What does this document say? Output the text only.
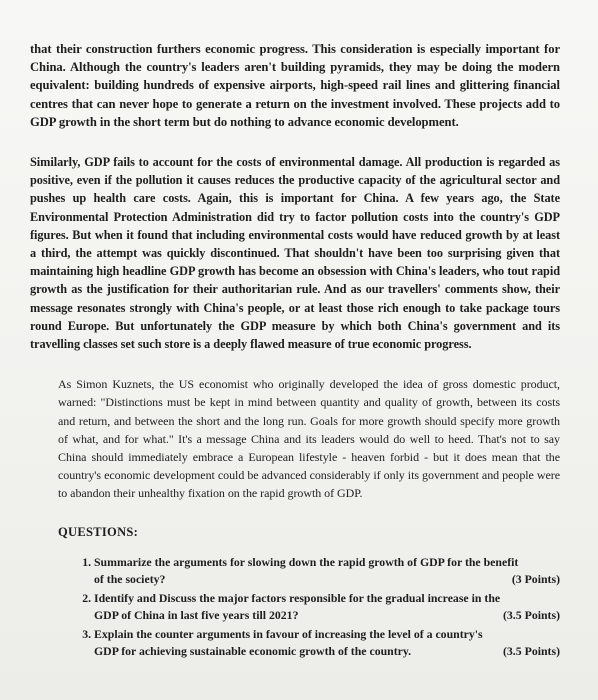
that their construction furthers economic progress. This consideration is especially important for China. Although the country's leaders aren't building pyramids, they may be doing the modern equivalent: building hundreds of expensive airports, high-speed rail lines and glittering financial centres that can never hope to generate a return on the investment involved. These projects add to GDP growth in the short term but do nothing to advance economic development.

Similarly, GDP fails to account for the costs of environmental damage. All production is regarded as positive, even if the pollution it causes reduces the productive capacity of the agricultural sector and pushes up health care costs. Again, this is important for China. A few years ago, the State Environmental Protection Administration did try to factor pollution costs into the country's GDP figures. But when it found that including environmental costs would have reduced growth by at least a third, the attempt was quickly discontinued. That shouldn't have been too surprising given that maintaining high headline GDP growth has become an obsession with China's leaders, who tout rapid growth as the justification for their authoritarian rule. And as our travellers' comments show, their message resonates strongly with China's people, or at least those rich enough to take package tours round Europe. But unfortunately the GDP measure by which both China's government and its travelling classes set such store is a deeply flawed measure of true economic progress.

As Simon Kuznets, the US economist who originally developed the idea of gross domestic product, warned: "Distinctions must be kept in mind between quantity and quality of growth, between its costs and return, and between the short and the long run. Goals for more growth should specify more growth of what, and for what." It's a message China and its leaders would do well to heed. That's not to say China should immediately embrace a European lifestyle - heaven forbid - but it does mean that the country's economic development could be advanced considerably if only its government and people were to abandon their unhealthy fixation on the rapid growth of GDP.

QUESTIONS:
1. Summarize the arguments for slowing down the rapid growth of GDP for the benefit
of the society?	(3 Points)
2. Identify and Discuss the major factors responsible for the gradual increase in the
GDP of China in last five years till 2021?	(3.5 Points)
3. Explain the counter arguments in favour of increasing the level of a country's
GDP for achieving sustainable economic growth of the country.	(3.5 Points)
